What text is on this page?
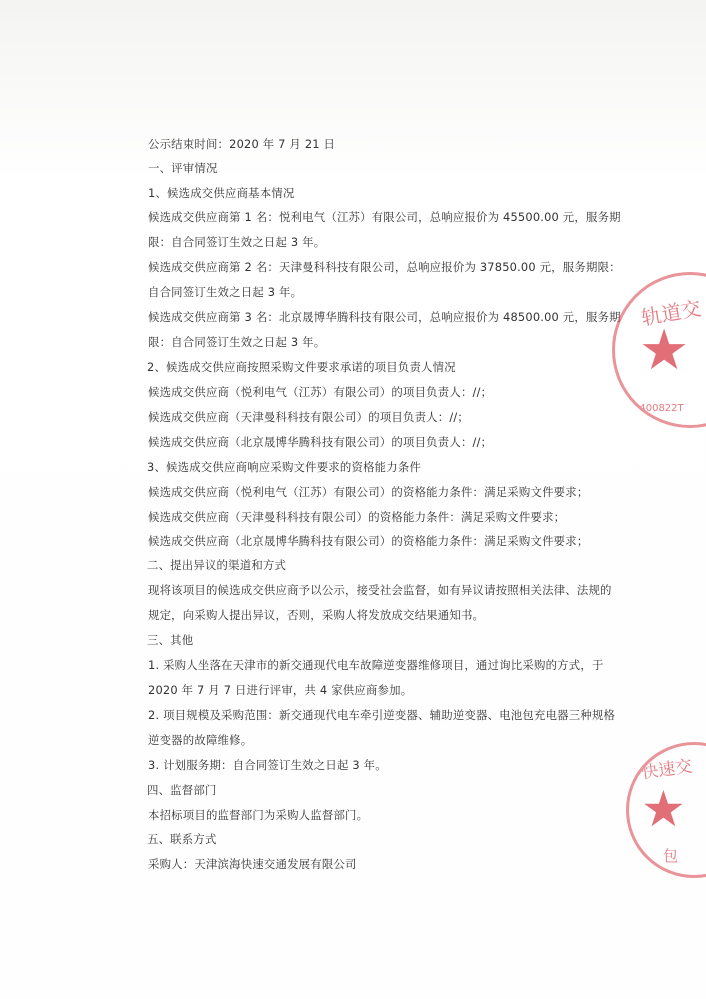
公示结束时间：2020 年 7 月 21 日
一、评审情况
1、候选成交供应商基本情况
候选成交供应商第 1 名：悦利电气（江苏）有限公司，总响应报价为 45500.00 元，服务期
限：自合同签订生效之日起 3 年。
候选成交供应商第 2 名：天津曼科科技有限公司，总响应报价为 37850.00 元，服务期限：
自合同签订生效之日起 3 年。
候选成交供应商第 3 名：北京晟博华腾科技有限公司，总响应报价为 48500.00 元，服务期
限：自合同签订生效之日起 3 年。
2、候选成交供应商按照采购文件要求承诺的项目负责人情况
候选成交供应商（悦利电气（江苏）有限公司）的项目负责人：//；
候选成交供应商（天津曼科科技有限公司）的项目负责人：//；
候选成交供应商（北京晟博华腾科技有限公司）的项目负责人：//；
3、候选成交供应商响应采购文件要求的资格能力条件
候选成交供应商（悦利电气（江苏）有限公司）的资格能力条件：满足采购文件要求；
候选成交供应商（天津曼科科技有限公司）的资格能力条件：满足采购文件要求；
候选成交供应商（北京晟博华腾科技有限公司）的资格能力条件：满足采购文件要求；
二、提出异议的渠道和方式
现将该项目的候选成交供应商予以公示，接受社会监督，如有异议请按照相关法律、法规的
规定，向采购人提出异议，否则，采购人将发放成交结果通知书。
三、其他
1. 采购人坐落在天津市的新交通现代电车故障逆变器维修项目，通过询比采购的方式，于
2020 年 7 月 7 日进行评审，共 4 家供应商参加。
2. 项目规模及采购范围：新交通现代电车牵引逆变器、辅助逆变器、电池包充电器三种规格
逆变器的故障维修。
3. 计划服务期：自合同签订生效之日起 3 年。
四、监督部门
本招标项目的监督部门为采购人监督部门。
五、联系方式
采购人：天津滨海快速交通发展有限公司
轨道交
★
1400822T
快速交
★
包
